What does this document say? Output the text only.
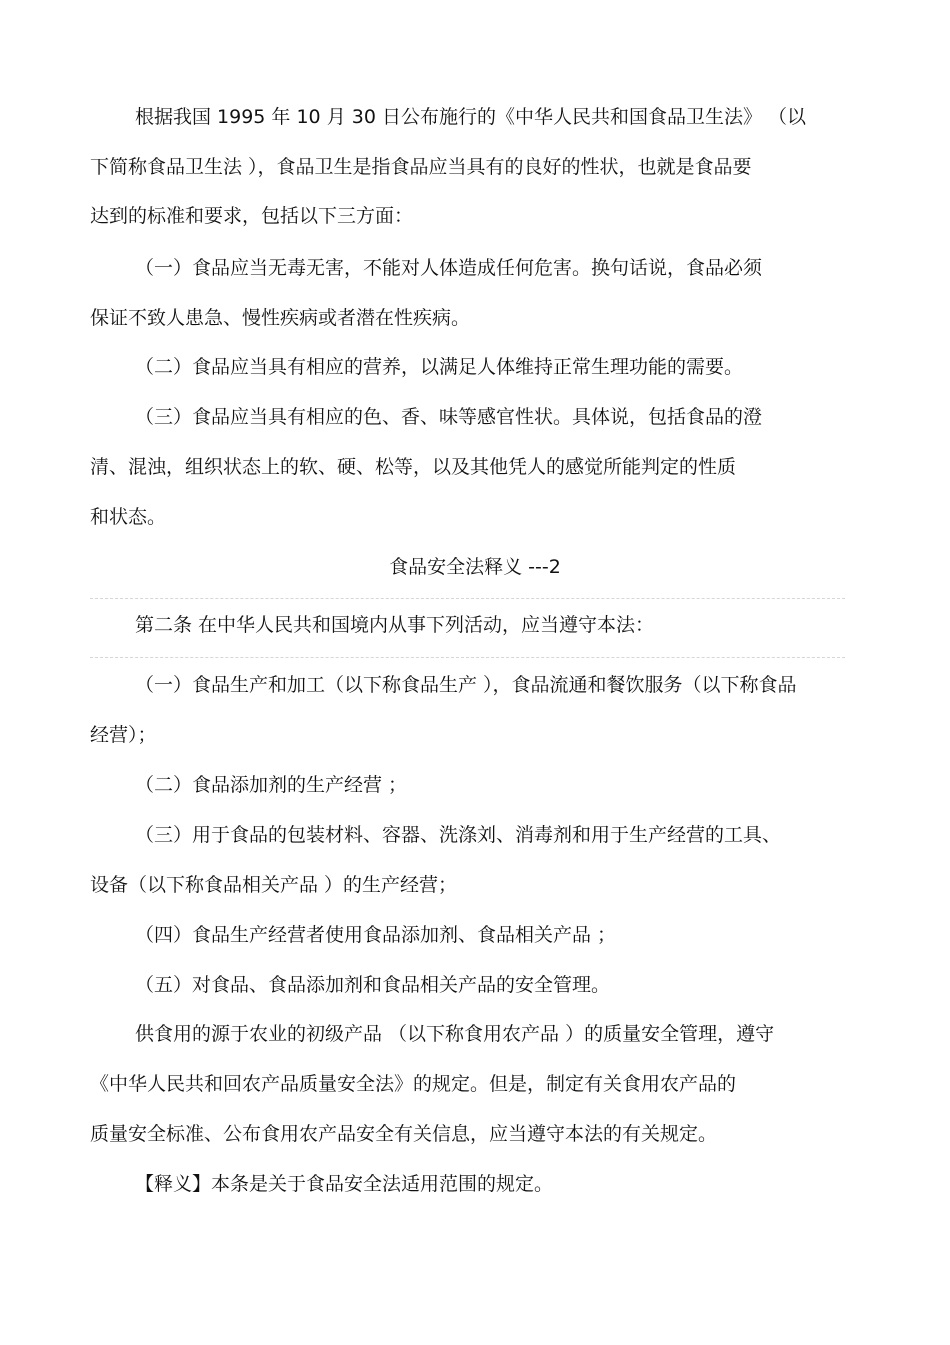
根据我国 1995 年 10 月 30 日公布施行的《中华人民共和国食品卫生法》 （以
下简称食品卫生法 ），食品卫生是指食品应当具有的良好的性状，也就是食品要
达到的标准和要求，包括以下三方面：
（一）食品应当无毒无害，不能对人体造成任何危害。换句话说，食品必须
保证不致人患急、慢性疾病或者潜在性疾病。
（二）食品应当具有相应的营养，以满足人体维持正常生理功能的需要。
（三）食品应当具有相应的色、香、味等感官性状。具体说，包括食品的澄
清、混浊，组织状态上的软、硬、松等，以及其他凭人的感觉所能判定的性质
和状态。
食品安全法释义 ---2
第二条 在中华人民共和国境内从事下列活动，应当遵守本法：
（一）食品生产和加工（以下称食品生产 ），食品流通和餐饮服务（以下称食品
经营）；
（二）食品添加剂的生产经营 ；
（三）用于食品的包装材料、容器、洗涤刘、消毒剂和用于生产经营的工具、
设备（以下称食品相关产品 ）的生产经营；
（四）食品生产经营者使用食品添加剂、食品相关产品 ；
（五）对食品、食品添加剂和食品相关产品的安全管理。
供食用的源于农业的初级产品 （以下称食用农产品 ）的质量安全管理，遵守
《中华人民共和回农产品质量安全法》的规定。但是，制定有关食用农产品的
质量安全标准、公布食用农产品安全有关信息，应当遵守本法的有关规定。
【释义】本条是关于食品安全法适用范围的规定。
